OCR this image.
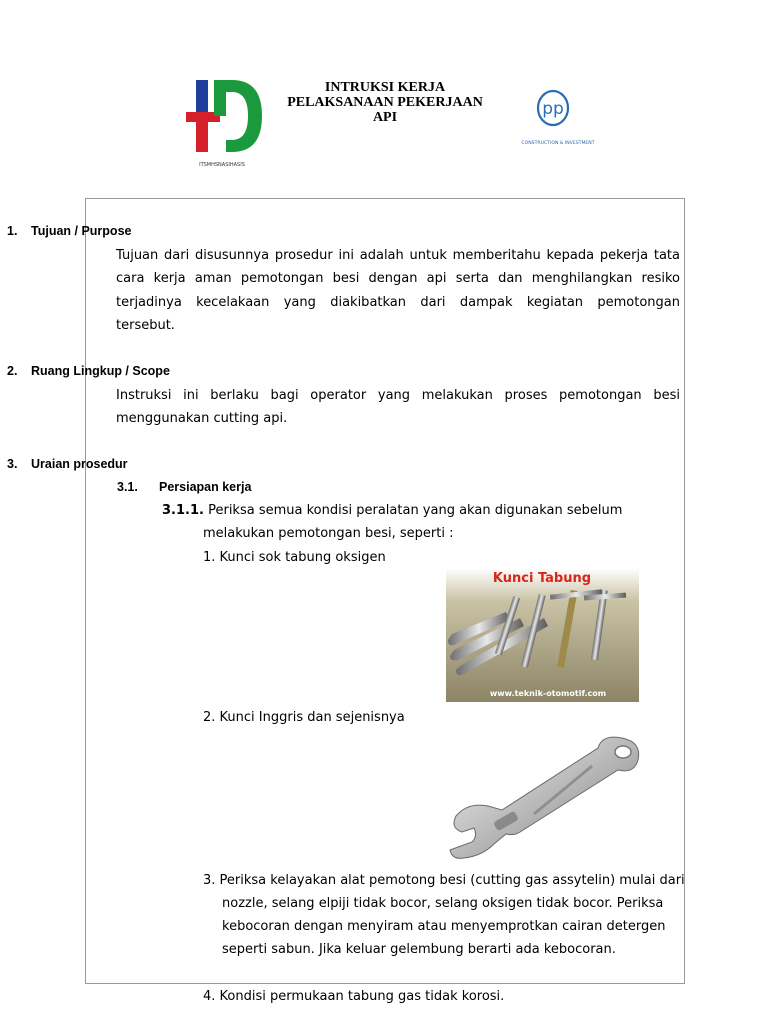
ITSMHSNASIHASIS
INTRUKSI KERJA
PELAKSANAAN PEKERJAAN
API	pp
CONSTRUCTION & INVESTMENT
1. Tujuan / Purpose
Tujuan dari disusunnya prosedur ini adalah untuk memberitahu kepada pekerja tata
cara kerja aman pemotongan besi dengan api serta dan menghilangkan resiko
terjadinya kecelakaan yang diakibatkan dari dampak kegiatan pemotongan
tersebut.
2. Ruang Lingkup / Scope
Instruksi ini berlaku bagi operator yang melakukan proses pemotongan besi
menggunakan cutting api.
3. Uraian prosedur
3.1. Persiapan kerja
3.1.1. Periksa semua kondisi peralatan yang akan digunakan sebelum
melakukan pemotongan besi, seperti :
1. Kunci sok tabung oksigen
Kunci Tabung
www.teknik-otomotif.com
2. Kunci Inggris dan sejenisnya
3. Periksa kelayakan alat pemotong besi (cutting gas assytelin) mulai dari
nozzle, selang elpiji tidak bocor, selang oksigen tidak bocor. Periksa
kebocoran dengan menyiram atau menyemprotkan cairan detergen
seperti sabun. Jika keluar gelembung berarti ada kebocoran.
4. Kondisi permukaan tabung gas tidak korosi.
